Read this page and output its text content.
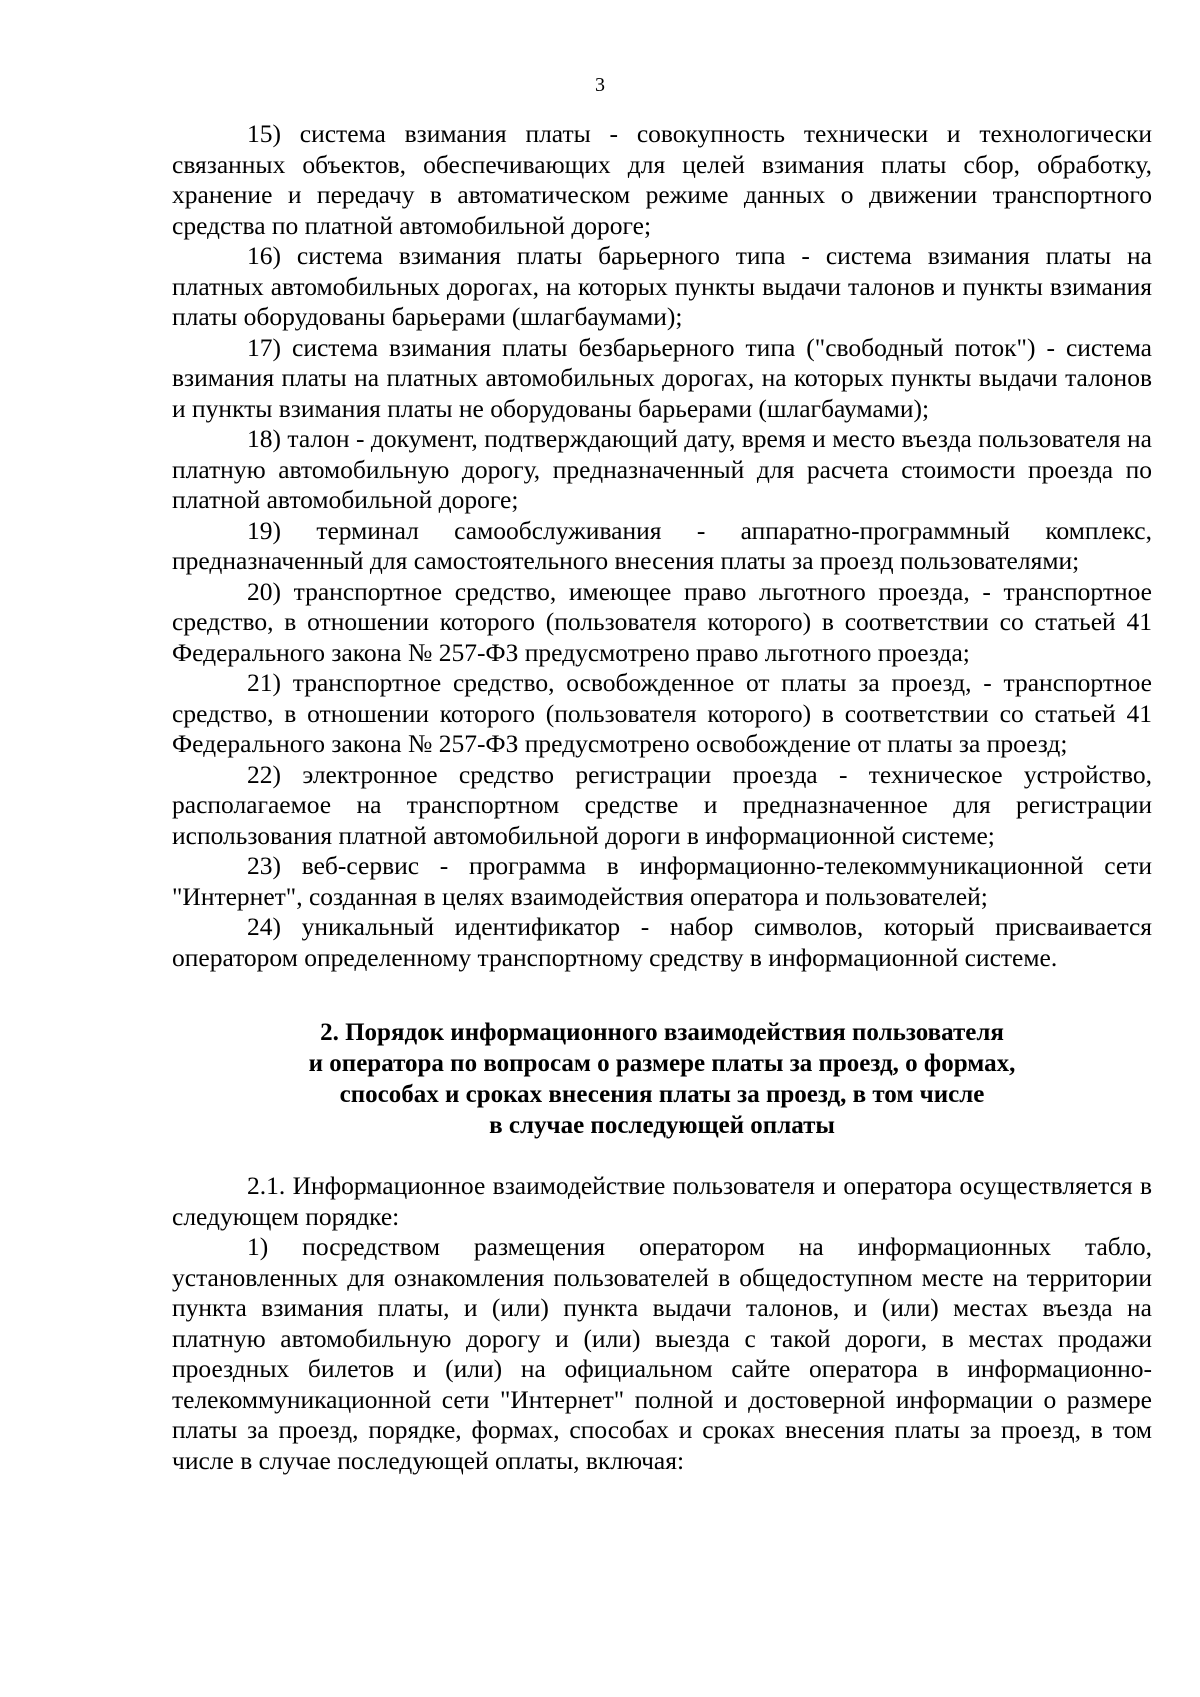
3

15) система взимания платы - совокупность технически и технологически связанных объектов, обеспечивающих для целей взимания платы сбор, обработку, хранение и передачу в автоматическом режиме данных о движении транспортного средства по платной автомобильной дороге;

16) система взимания платы барьерного типа - система взимания платы на платных автомобильных дорогах, на которых пункты выдачи талонов и пункты взимания платы оборудованы барьерами (шлагбаумами);

17) система взимания платы безбарьерного типа ("свободный поток") - система взимания платы на платных автомобильных дорогах, на которых пункты выдачи талонов и пункты взимания платы не оборудованы барьерами (шлагбаумами);

18) талон - документ, подтверждающий дату, время и место въезда пользователя на платную автомобильную дорогу, предназначенный для расчета стоимости проезда по платной автомобильной дороге;

19) терминал самообслуживания - аппаратно-программный комплекс, предназначенный для самостоятельного внесения платы за проезд пользователями;

20) транспортное средство, имеющее право льготного проезда, - транспортное средство, в отношении которого (пользователя которого) в соответствии со статьей 41 Федерального закона № 257-ФЗ предусмотрено право льготного проезда;

21) транспортное средство, освобожденное от платы за проезд, - транспортное средство, в отношении которого (пользователя которого) в соответствии со статьей 41 Федерального закона № 257-ФЗ предусмотрено освобождение от платы за проезд;

22) электронное средство регистрации проезда - техническое устройство, располагаемое на транспортном средстве и предназначенное для регистрации использования платной автомобильной дороги в информационной системе;

23) веб-сервис - программа в информационно-телекоммуникационной сети "Интернет", созданная в целях взаимодействия оператора и пользователей;

24) уникальный идентификатор - набор символов, который присваивается оператором определенному транспортному средству в информационной системе.

2. Порядок информационного взаимодействия пользователя
и оператора по вопросам о размере платы за проезд, о формах,
способах и сроках внесения платы за проезд, в том числе
в случае последующей оплаты

2.1. Информационное взаимодействие пользователя и оператора осуществляется в следующем порядке:

1) посредством размещения оператором на информационных табло, установленных для ознакомления пользователей в общедоступном месте на территории пункта взимания платы, и (или) пункта выдачи талонов, и (или) местах въезда на платную автомобильную дорогу и (или) выезда с такой дороги, в местах продажи проездных билетов и (или) на официальном сайте оператора в информационно-телекоммуникационной сети "Интернет" полной и достоверной информации о размере платы за проезд, порядке, формах, способах и сроках внесения платы за проезд, в том числе в случае последующей оплаты, включая:
